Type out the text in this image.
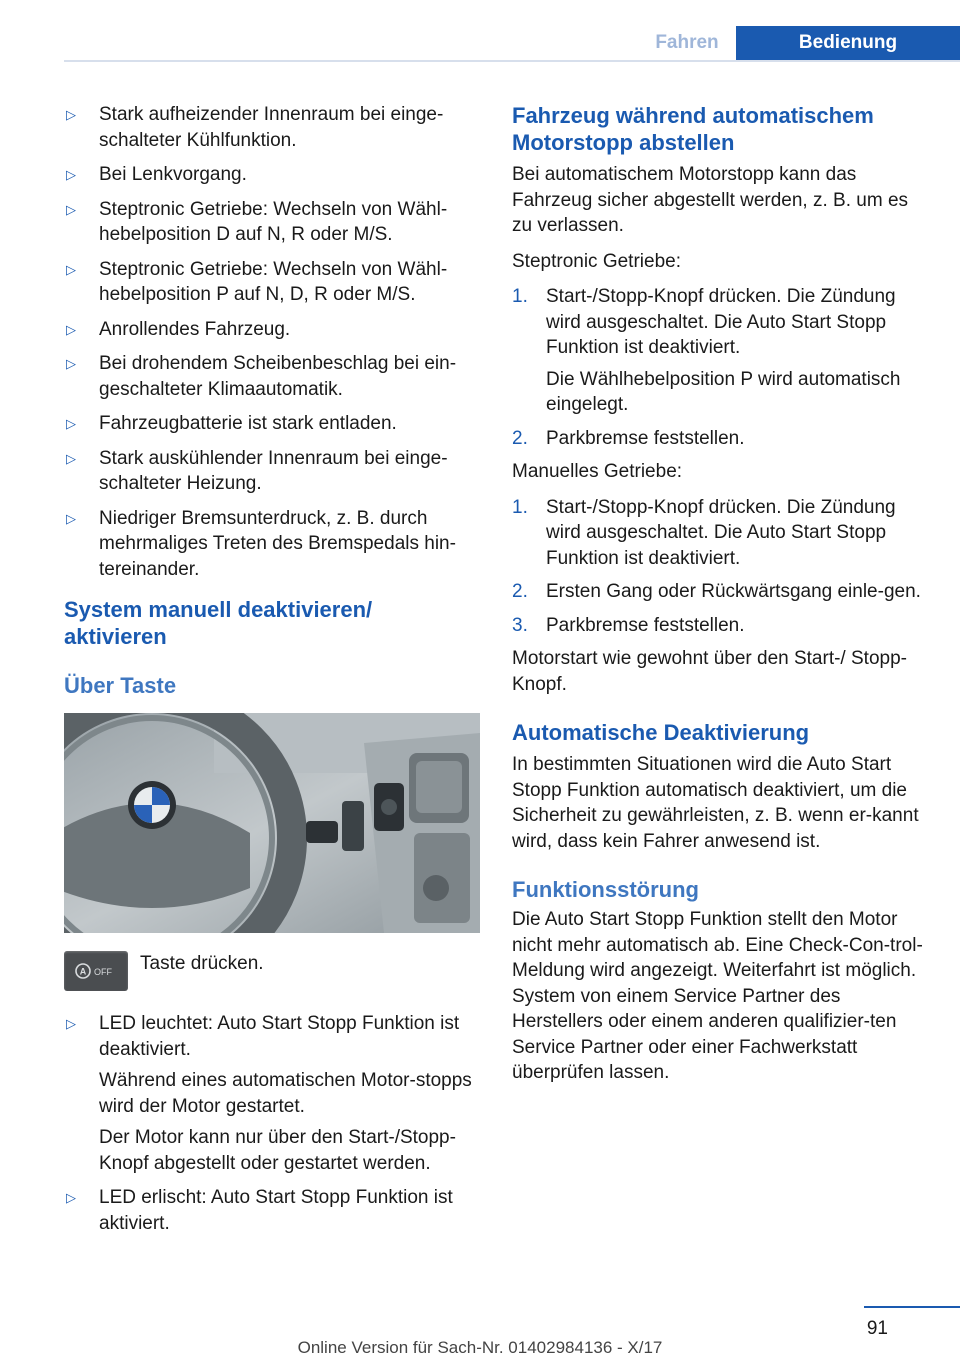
Fahren	Bedienung
▷ Stark aufheizender Innenraum bei einge-schalteter Kühlfunktion.
▷ Bei Lenkvorgang.
▷ Steptronic Getriebe: Wechseln von Wähl-hebelposition D auf N, R oder M/S.
▷ Steptronic Getriebe: Wechseln von Wähl-hebelposition P auf N, D, R oder M/S.
▷ Anrollendes Fahrzeug.
▷ Bei drohendem Scheibenbeschlag bei ein-geschalteter Klimaautomatik.
▷ Fahrzeugbatterie ist stark entladen.
▷ Stark auskühlender Innenraum bei einge-schalteter Heizung.
▷ Niedriger Bremsunterdruck, z. B. durch mehrmaliges Treten des Bremspedals hin-tereinander.
System manuell deaktivieren/ aktivieren
Über Taste
A OFF Taste drücken.
▷ LED leuchtet: Auto Start Stopp Funktion ist deaktiviert.
Während eines automatischen Motor-stopps wird der Motor gestartet.
Der Motor kann nur über den Start-/Stopp-Knopf abgestellt oder gestartet werden.
▷ LED erlischt: Auto Start Stopp Funktion ist aktiviert.
Fahrzeug während automatischem Motorstopp abstellen

Bei automatischem Motorstopp kann das Fahrzeug sicher abgestellt werden, z. B. um es zu verlassen.

Steptronic Getriebe:

1. Start-/Stopp-Knopf drücken. Die Zündung wird ausgeschaltet. Die Auto Start Stopp Funktion ist deaktiviert.
Die Wählhebelposition P wird automatisch eingelegt.
2. Parkbremse feststellen.

Manuelles Getriebe:

1. Start-/Stopp-Knopf drücken. Die Zündung wird ausgeschaltet. Die Auto Start Stopp Funktion ist deaktiviert.
2. Ersten Gang oder Rückwärtsgang einle-gen.
3. Parkbremse feststellen.

Motorstart wie gewohnt über den Start-/ Stopp-Knopf.

Automatische Deaktivierung

In bestimmten Situationen wird die Auto Start Stopp Funktion automatisch deaktiviert, um die Sicherheit zu gewährleisten, z. B. wenn er-kannt wird, dass kein Fahrer anwesend ist.

Funktionsstörung

Die Auto Start Stopp Funktion stellt den Motor nicht mehr automatisch ab. Eine Check-Con-trol-Meldung wird angezeigt. Weiterfahrt ist möglich. System von einem Service Partner des Herstellers oder einem anderen qualifizier-ten Service Partner oder einer Fachwerkstatt überprüfen lassen.

91
Online Version für Sach-Nr. 01402984136 - X/17
